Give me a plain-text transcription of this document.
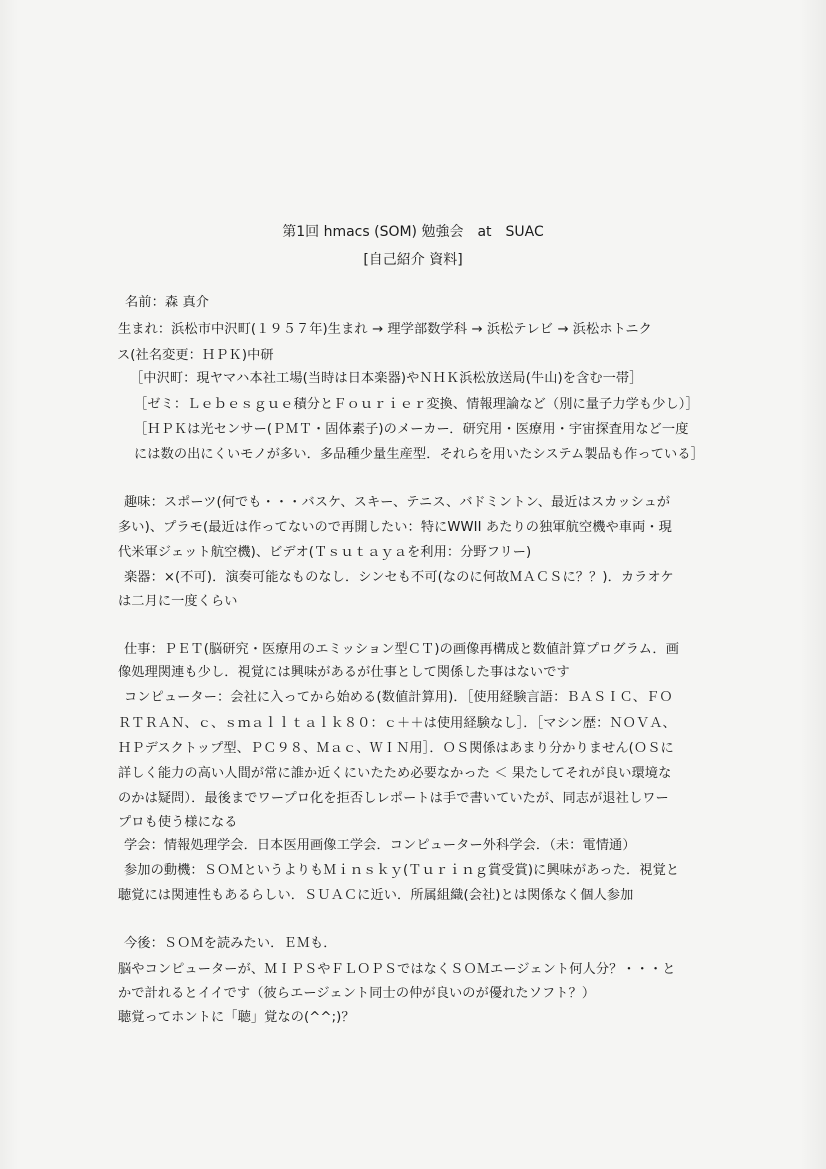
第1回 hmacs (SOM) 勉強会　at　SUAC
[自己紹介 資料]
名前：森 真介
生まれ：浜松市中沢町(１９５７年)生まれ → 理学部数学科 → 浜松テレビ → 浜松ホトニク
ス(社名変更：ＨＰＫ)中研
［中沢町：現ヤマハ本社工場(当時は日本楽器)やＮＨＫ浜松放送局(牛山)を含む一帯］
［ゼミ：Ｌｅｂｅｓｇｕｅ積分とＦｏｕｒｉｅｒ変換、情報理論など（別に量子力学も少し）］
［ＨＰＫは光センサー(ＰＭＴ・固体素子)のメーカー．研究用・医療用・宇宙探査用など一度
には数の出にくいモノが多い．多品種少量生産型．それらを用いたシステム製品も作っている］
趣味：スポーツ(何でも・・・バスケ、スキー、テニス、バドミントン、最近はスカッシュが
多い)、プラモ(最近は作ってないので再開したい：特にWWII あたりの独軍航空機や車両・現
代米軍ジェット航空機)、ビデオ(Ｔｓｕｔａｙａを利用：分野フリー)
楽器：×(不可)．演奏可能なものなし．シンセも不可(なのに何故ＭＡＣＳに？？)．カラオケ
は二月に一度くらい
仕事：ＰＥＴ(脳研究・医療用のエミッション型ＣＴ)の画像再構成と数値計算プログラム．画
像処理関連も少し．視覚には興味があるが仕事として関係した事はないです
コンピューター：会社に入ってから始める(数値計算用)．［使用経験言語：ＢＡＳＩＣ、ＦＯ
ＲＴＲＡＮ、ｃ、ｓｍａｌｌｔａｌｋ８０：ｃ＋＋は使用経験なし］．［マシン歴：ＮＯＶＡ、
ＨＰデスクトップ型、ＰＣ９８、Ｍａｃ、ＷＩＮ用］．ＯＳ関係はあまり分かりません(ＯＳに
詳しく能力の高い人間が常に誰か近くにいたため必要なかった ＜ 果たしてそれが良い環境な
のかは疑問）．最後までワープロ化を拒否しレポートは手で書いていたが、同志が退社しワー
プロも使う様になる
学会：情報処理学会．日本医用画像工学会．コンピューター外科学会．（未：電情通）
参加の動機：ＳＯＭというよりもＭｉｎｓｋｙ(Ｔｕｒｉｎｇ賞受賞)に興味があった．視覚と
聴覚には関連性もあるらしい．ＳＵＡＣに近い．所属組織(会社)とは関係なく個人参加
今後：ＳＯＭを読みたい．ＥＭも．
脳やコンピューターが、ＭＩＰＳやＦＬＯＰＳではなくＳＯＭエージェント何人分？・・・と
かで計れるとイイです（彼らエージェント同士の仲が良いのが優れたソフト？）
聴覚ってホントに「聴」覚なの(^^;)？
